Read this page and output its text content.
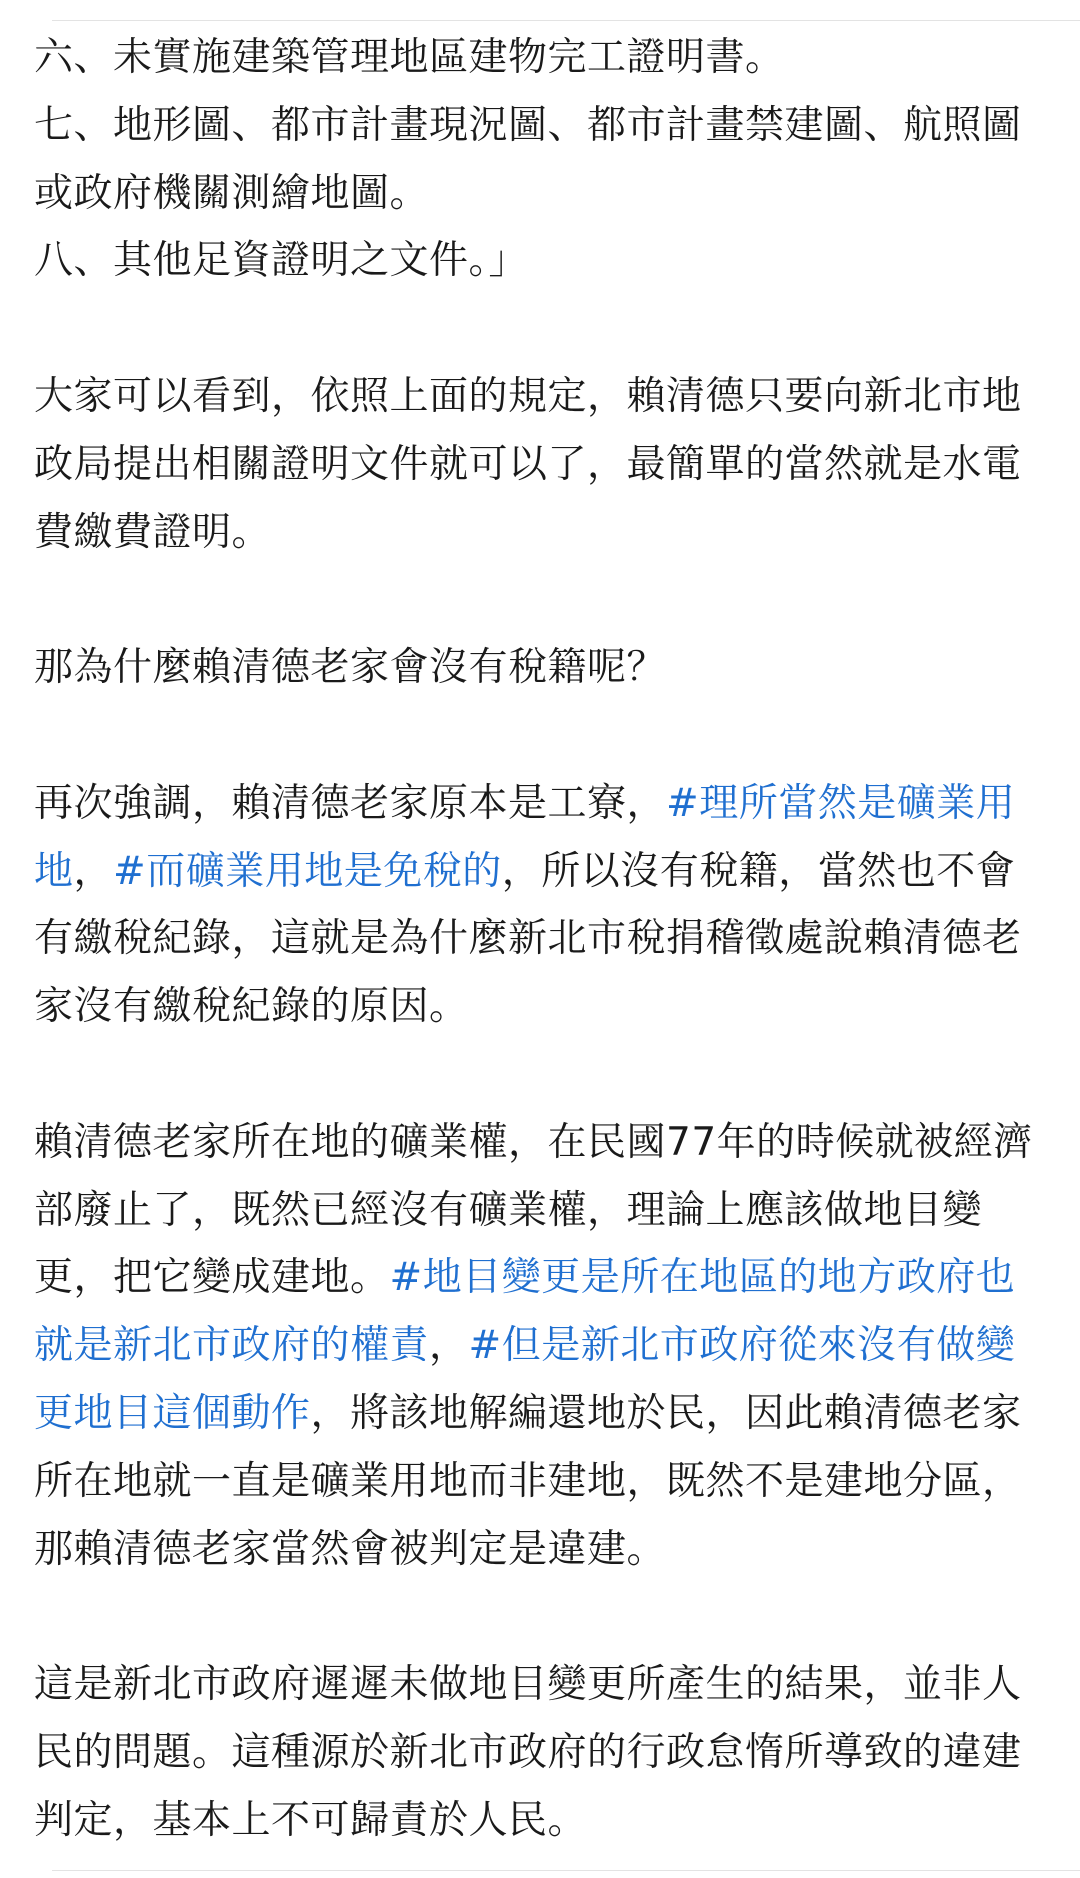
六、未實施建築管理地區建物完工證明書。

七、地形圖、都市計畫現況圖、都市計畫禁建圖、航照圖或政府機關測繪地圖。

八、其他足資證明之文件。」

大家可以看到，依照上面的規定，賴清德只要向新北市地政局提出相關證明文件就可以了，最簡單的當然就是水電費繳費證明。

那為什麼賴清德老家會沒有稅籍呢？

再次強調，賴清德老家原本是工寮，#理所當然是礦業用地，#而礦業用地是免稅的，所以沒有稅籍，當然也不會有繳稅紀錄，這就是為什麼新北市稅捐稽徵處說賴清德老家沒有繳稅紀錄的原因。

賴清德老家所在地的礦業權，在民國77年的時候就被經濟部廢止了，既然已經沒有礦業權，理論上應該做地目變更，把它變成建地。#地目變更是所在地區的地方政府也就是新北市政府的權責，#但是新北市政府從來沒有做變更地目這個動作，將該地解編還地於民，因此賴清德老家所在地就一直是礦業用地而非建地，既然不是建地分區，那賴清德老家當然會被判定是違建。

這是新北市政府遲遲未做地目變更所產生的結果，並非人民的問題。這種源於新北市政府的行政怠惰所導致的違建判定，基本上不可歸責於人民。
